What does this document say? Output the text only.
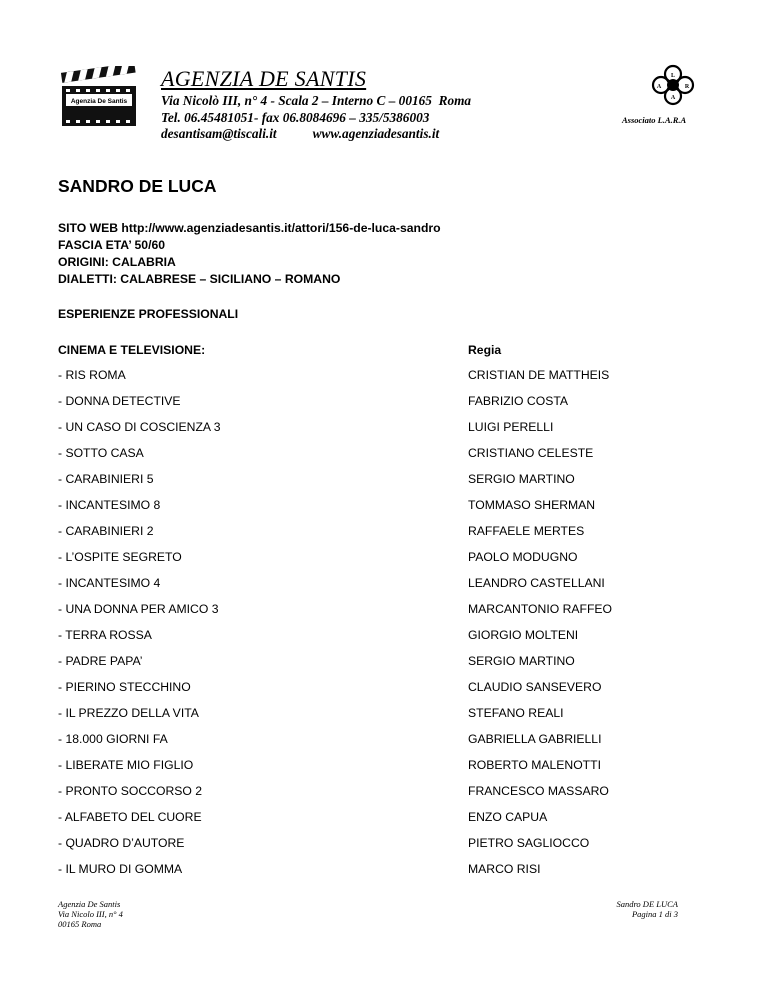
Agenzia De Santis
AGENZIA DE SANTIS
Via Nicolò III, n° 4 - Scala 2 – Interno C – 00165  Roma
Tel. 06.45481051- fax 06.8084696 – 335/5386003
desantisam@tiscali.it	www.agenziadesantis.it
L
A	R
A
Associato L.A.R.A
SANDRO DE LUCA
SITO WEB http://www.agenziadesantis.it/attori/156-de-luca-sandro
FASCIA ETA’ 50/60
ORIGINI: CALABRIA
DIALETTI: CALABRESE – SICILIANO – ROMANO
ESPERIENZE PROFESSIONALI
CINEMA E TELEVISIONE:	Regia
- RIS ROMA	CRISTIAN DE MATTHEIS
- DONNA DETECTIVE	FABRIZIO COSTA
- UN CASO DI COSCIENZA 3	LUIGI PERELLI
- SOTTO CASA	CRISTIANO CELESTE
- CARABINIERI 5	SERGIO MARTINO
- INCANTESIMO 8	TOMMASO SHERMAN
- CARABINIERI 2	RAFFAELE MERTES
- L’OSPITE SEGRETO	PAOLO MODUGNO
- INCANTESIMO 4	LEANDRO CASTELLANI
- UNA DONNA PER AMICO 3	MARCANTONIO RAFFEO
- TERRA ROSSA	GIORGIO MOLTENI
- PADRE PAPA’	SERGIO MARTINO
- PIERINO STECCHINO	CLAUDIO SANSEVERO
- IL PREZZO DELLA VITA	STEFANO REALI
- 18.000 GIORNI FA	GABRIELLA GABRIELLI
- LIBERATE MIO FIGLIO	ROBERTO MALENOTTI
- PRONTO SOCCORSO 2	FRANCESCO MASSARO
- ALFABETO DEL CUORE	ENZO CAPUA
- QUADRO D’AUTORE	PIETRO SAGLIOCCO
- IL MURO DI GOMMA	MARCO RISI
Agenzia De Santis
Via Nicolo III, n° 4
00165 Roma
Sandro DE LUCA
Pagina 1 di 3
